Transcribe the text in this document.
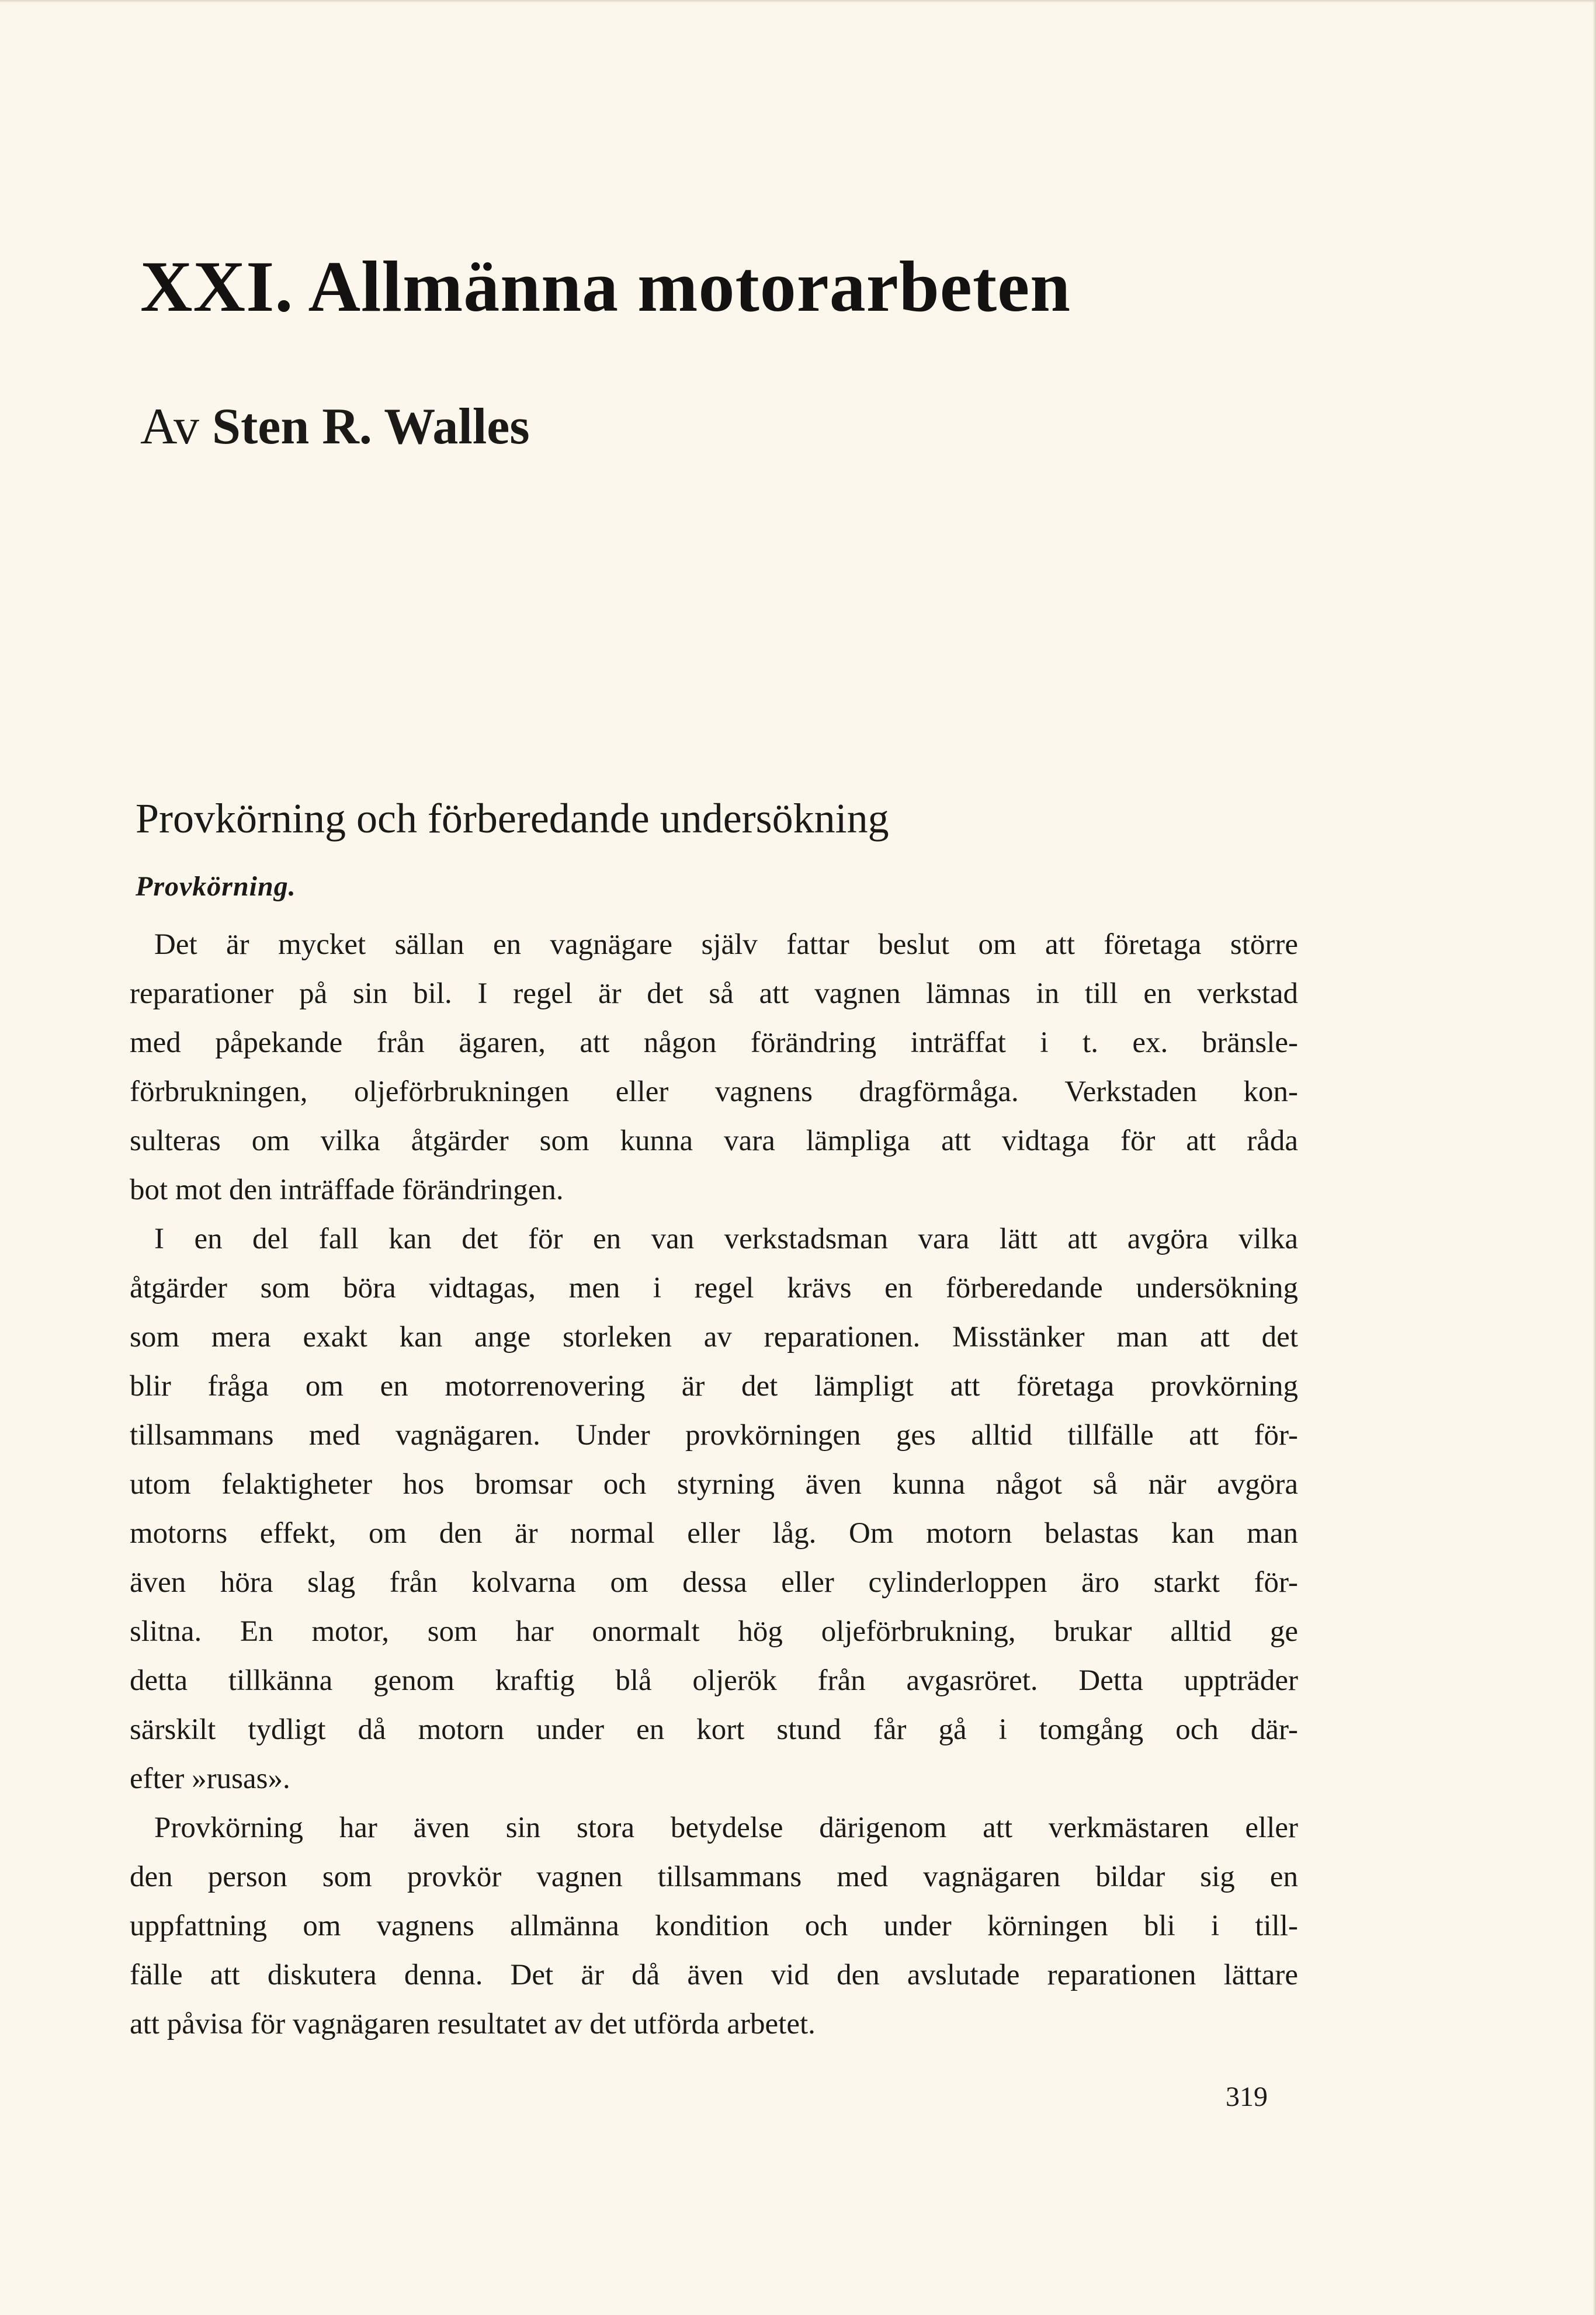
XXI. Allmänna motorarbeten
Av Sten R. Walles
Provkörning och förberedande undersökning
Provkörning.
Det är mycket sällan en vagnägare själv fattar beslut om att företaga större
reparationer på sin bil. I regel är det så att vagnen lämnas in till en verkstad
med påpekande från ägaren, att någon förändring inträffat i t. ex. bränsle-
förbrukningen, oljeförbrukningen eller vagnens dragförmåga. Verkstaden kon-
sulteras om vilka åtgärder som kunna vara lämpliga att vidtaga för att råda
bot mot den inträffade förändringen.
I en del fall kan det för en van verkstadsman vara lätt att avgöra vilka
åtgärder som böra vidtagas, men i regel krävs en förberedande undersökning
som mera exakt kan ange storleken av reparationen. Misstänker man att det
blir fråga om en motorrenovering är det lämpligt att företaga provkörning
tillsammans med vagnägaren. Under provkörningen ges alltid tillfälle att för-
utom felaktigheter hos bromsar och styrning även kunna något så när avgöra
motorns effekt, om den är normal eller låg. Om motorn belastas kan man
även höra slag från kolvarna om dessa eller cylinderloppen äro starkt för-
slitna. En motor, som har onormalt hög oljeförbrukning, brukar alltid ge
detta tillkänna genom kraftig blå oljerök från avgasröret. Detta uppträder
särskilt tydligt då motorn under en kort stund får gå i tomgång och där-
efter »rusas».
Provkörning har även sin stora betydelse därigenom att verkmästaren eller
den person som provkör vagnen tillsammans med vagnägaren bildar sig en
uppfattning om vagnens allmänna kondition och under körningen bli i till-
fälle att diskutera denna. Det är då även vid den avslutade reparationen lättare
att påvisa för vagnägaren resultatet av det utförda arbetet.

319
